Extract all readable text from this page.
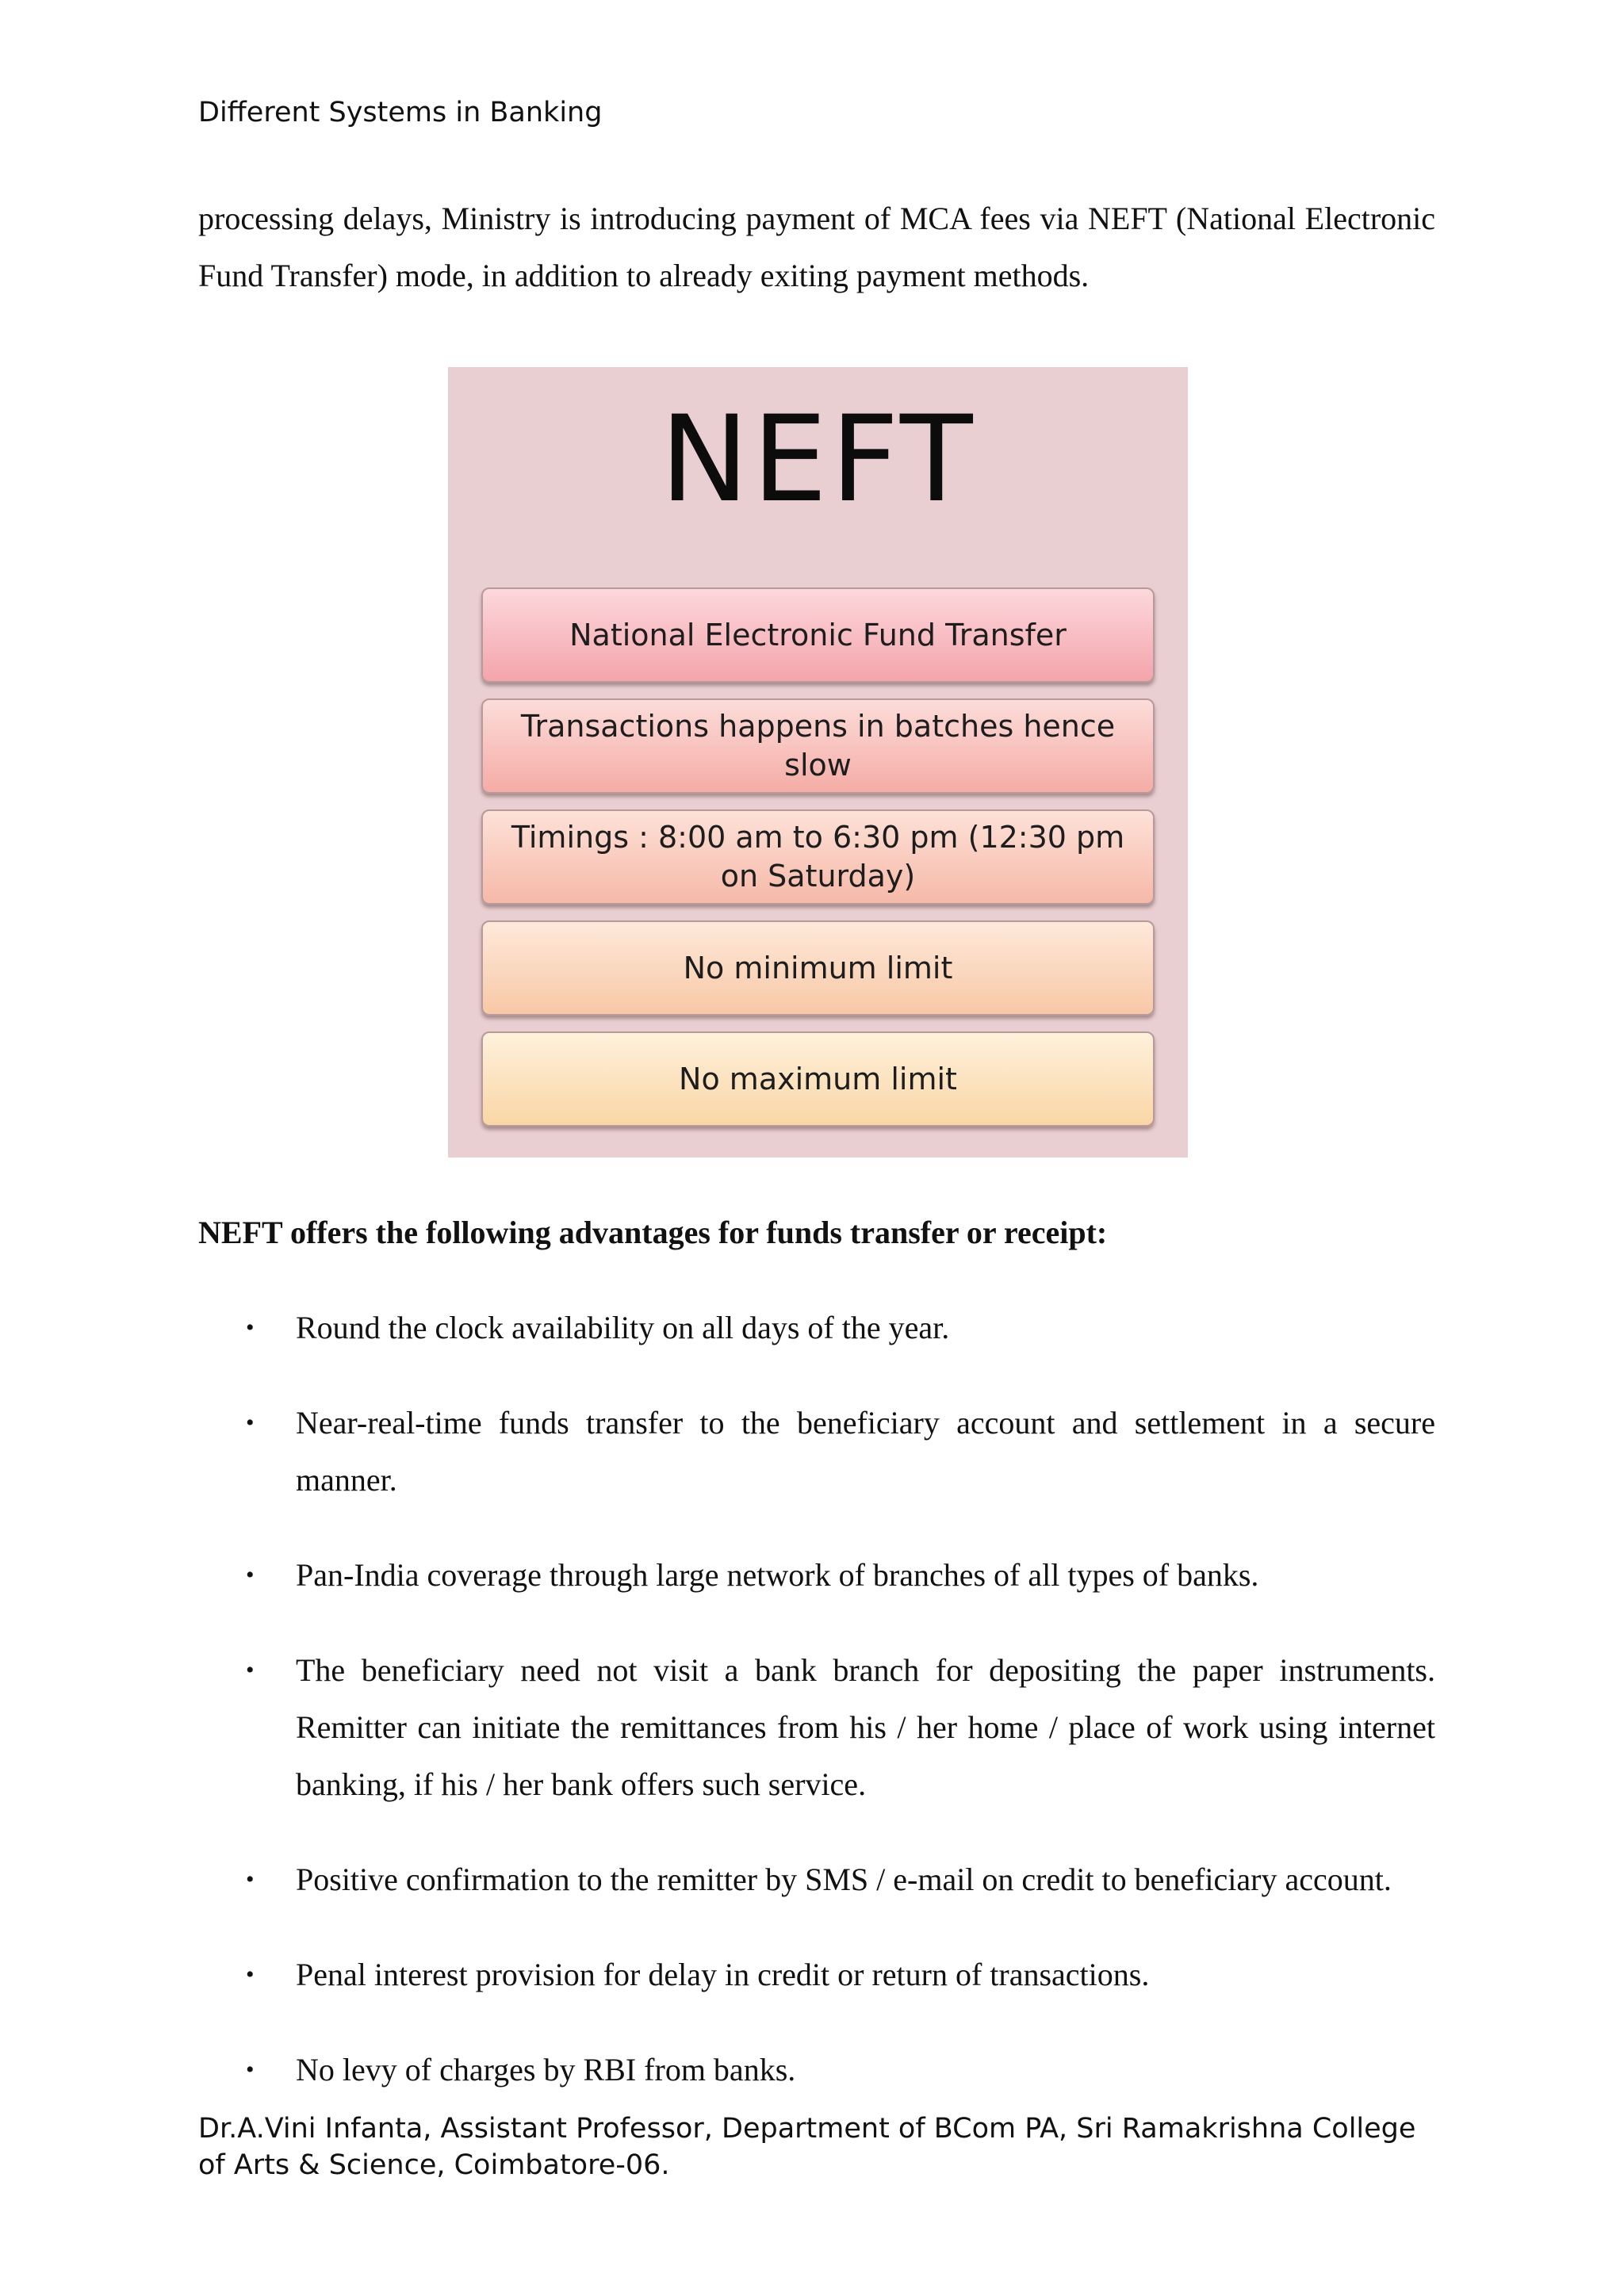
Different Systems in Banking

processing delays, Ministry is introducing payment of MCA fees via NEFT (National Electronic Fund Transfer) mode, in addition to already exiting payment methods.

NEFT
National Electronic Fund Transfer
Transactions happens in batches hence slow
Timings : 8:00 am to 6:30 pm (12:30 pm on Saturday)
No minimum limit
No maximum limit
NEFT offers the following advantages for funds transfer or receipt:
• Round the clock availability on all days of the year.
• Near-real-time funds transfer to the beneficiary account and settlement in a secure manner.
• Pan-India coverage through large network of branches of all types of banks.
• The beneficiary need not visit a bank branch for depositing the paper instruments. Remitter can initiate the remittances from his / her home / place of work using internet banking, if his / her bank offers such service.
• Positive confirmation to the remitter by SMS / e-mail on credit to beneficiary account.
• Penal interest provision for delay in credit or return of transactions.
• No levy of charges by RBI from banks.
Dr.A.Vini Infanta, Assistant Professor, Department of BCom PA, Sri Ramakrishna College of Arts & Science, Coimbatore-06.
